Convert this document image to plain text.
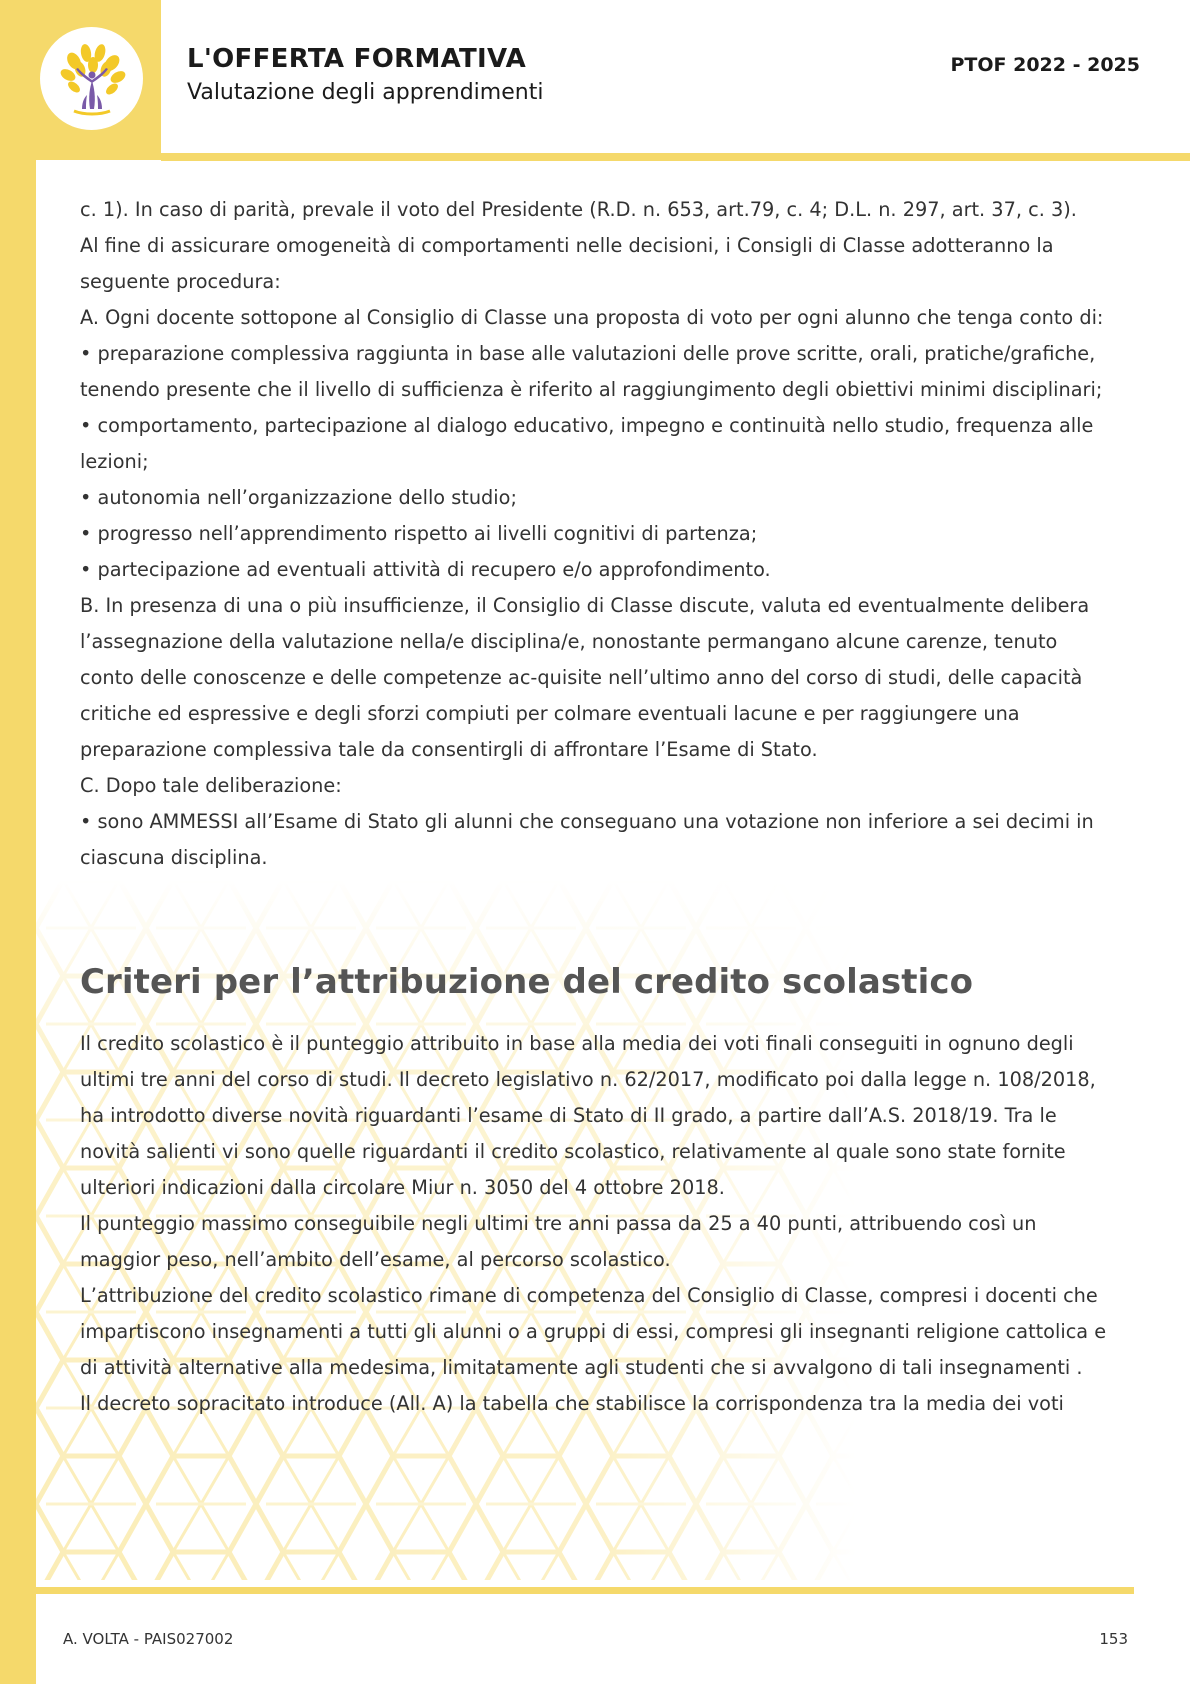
L'OFFERTA FORMATIVA
Valutazione degli apprendimenti
PTOF 2022 - 2025

c. 1). In caso di parità, prevale il voto del Presidente (R.D. n. 653, art.79, c. 4; D.L. n. 297, art. 37, c. 3).

Al fine di assicurare omogeneità di comportamenti nelle decisioni, i Consigli di Classe adotteranno la seguente procedura:

A. Ogni docente sottopone al Consiglio di Classe una proposta di voto per ogni alunno che tenga conto di:

• preparazione complessiva raggiunta in base alle valutazioni delle prove scritte, orali, pratiche/grafiche, tenendo presente che il livello di sufficienza è riferito al raggiungimento degli obiettivi minimi disciplinari;

• comportamento, partecipazione al dialogo educativo, impegno e continuità nello studio, frequenza alle lezioni;

• autonomia nell’organizzazione dello studio;

• progresso nell’apprendimento rispetto ai livelli cognitivi di partenza;

• partecipazione ad eventuali attività di recupero e/o approfondimento.

B. In presenza di una o più insufficienze, il Consiglio di Classe discute, valuta ed eventualmente delibera l’assegnazione della valutazione nella/e disciplina/e, nonostante permangano alcune carenze, tenuto conto delle conoscenze e delle competenze ac-quisite nell’ultimo anno del corso di studi, delle capacità critiche ed espressive e degli sforzi compiuti per colmare eventuali lacune e per raggiungere una preparazione complessiva tale da consentirgli di affrontare l’Esame di Stato.

C. Dopo tale deliberazione:

• sono AMMESSI all’Esame di Stato gli alunni che conseguano una votazione non inferiore a sei decimi in ciascuna disciplina.

Criteri per l’attribuzione del credito scolastico

Il credito scolastico è il punteggio attribuito in base alla media dei voti finali conseguiti in ognuno degli ultimi tre anni del corso di studi. Il decreto legislativo n. 62/2017, modificato poi dalla legge n. 108/2018, ha introdotto diverse novità riguardanti l’esame di Stato di II grado, a partire dall’A.S. 2018/19. Tra le novità salienti vi sono quelle riguardanti il credito scolastico, relativamente al quale sono state fornite ulteriori indicazioni dalla circolare Miur n. 3050 del 4 ottobre 2018.

Il punteggio massimo conseguibile negli ultimi tre anni passa da 25 a 40 punti, attribuendo così un maggior peso, nell’ambito dell’esame, al percorso scolastico.

L’attribuzione del credito scolastico rimane di competenza del Consiglio di Classe, compresi i docenti che impartiscono insegnamenti a tutti gli alunni o a gruppi di essi, compresi gli insegnanti religione cattolica e di attività alternative alla medesima, limitatamente agli studenti che si avvalgono di tali insegnamenti .

Il decreto sopracitato introduce (All. A) la tabella che stabilisce la corrispondenza tra la media dei voti

A. VOLTA - PAIS027002	153
